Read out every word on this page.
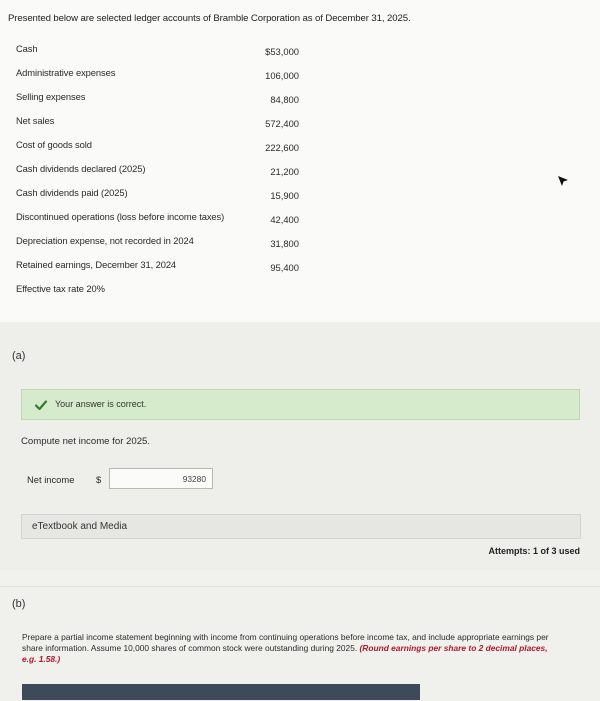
Presented below are selected ledger accounts of Bramble Corporation as of December 31, 2025.
Cash	$53,000
Administrative expenses	106,000
Selling expenses	84,800
Net sales	572,400
Cost of goods sold	222,600
Cash dividends declared (2025)	21,200
Cash dividends paid (2025)	15,900
Discontinued operations (loss before income taxes)	42,400
Depreciation expense, not recorded in 2024	31,800
Retained earnings, December 31, 2024	95,400
Effective tax rate 20%
(a)
Your answer is correct.
Compute net income for 2025.
Net income $
93280
eTextbook and Media
Attempts: 1 of 3 used
(b)
Prepare a partial income statement beginning with income from continuing operations before income tax, and include appropriate earnings per share information. Assume 10,000 shares of common stock were outstanding during 2025. (Round earnings per share to 2 decimal places, e.g. 1.58.)
